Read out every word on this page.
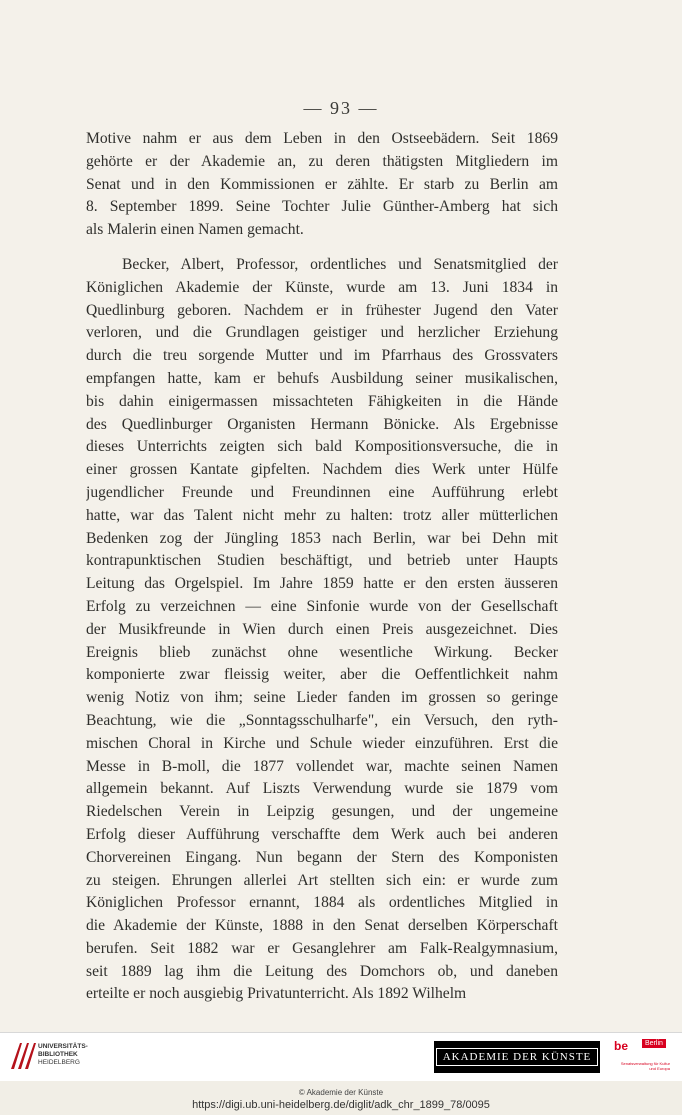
— 93 —
Motive nahm er aus dem Leben in den Ostseebädern. Seit 1869
gehörte er der Akademie an, zu deren thätigsten Mitgliedern im
Senat und in den Kommissionen er zählte. Er starb zu Berlin am
8. September 1899. Seine Tochter Julie Günther-Amberg hat sich
als Malerin einen Namen gemacht.
Becker, Albert, Professor, ordentliches und Senatsmitglied der
Königlichen Akademie der Künste, wurde am 13. Juni 1834 in
Quedlinburg geboren. Nachdem er in frühester Jugend den Vater
verloren, und die Grundlagen geistiger und herzlicher Erziehung
durch die treu sorgende Mutter und im Pfarrhaus des Grossvaters
empfangen hatte, kam er behufs Ausbildung seiner musikalischen,
bis dahin einigermassen missachteten Fähigkeiten in die Hände
des Quedlinburger Organisten Hermann Bönicke. Als Ergebnisse
dieses Unterrichts zeigten sich bald Kompositionsversuche, die in
einer grossen Kantate gipfelten. Nachdem dies Werk unter Hülfe
jugendlicher Freunde und Freundinnen eine Aufführung erlebt
hatte, war das Talent nicht mehr zu halten: trotz aller mütterlichen
Bedenken zog der Jüngling 1853 nach Berlin, war bei Dehn mit
kontrapunktischen Studien beschäftigt, und betrieb unter Haupts
Leitung das Orgelspiel. Im Jahre 1859 hatte er den ersten äusseren
Erfolg zu verzeichnen — eine Sinfonie wurde von der Gesellschaft
der Musikfreunde in Wien durch einen Preis ausgezeichnet. Dies
Ereignis blieb zunächst ohne wesentliche Wirkung. Becker
komponierte zwar fleissig weiter, aber die Oeffentlichkeit nahm
wenig Notiz von ihm; seine Lieder fanden im grossen so geringe
Beachtung, wie die „Sonntagsschulharfe", ein Versuch, den ryth-
mischen Choral in Kirche und Schule wieder einzuführen. Erst die
Messe in B-moll, die 1877 vollendet war, machte seinen Namen
allgemein bekannt. Auf Liszts Verwendung wurde sie 1879 vom
Riedelschen Verein in Leipzig gesungen, und der ungemeine
Erfolg dieser Aufführung verschaffte dem Werk auch bei anderen
Chorvereinen Eingang. Nun begann der Stern des Komponisten
zu steigen. Ehrungen allerlei Art stellten sich ein: er wurde zum
Königlichen Professor ernannt, 1884 als ordentliches Mitglied in
die Akademie der Künste, 1888 in den Senat derselben Körperschaft
berufen. Seit 1882 war er Gesanglehrer am Falk-Realgymnasium,
seit 1889 lag ihm die Leitung des Domchors ob, und daneben
erteilte er noch ausgiebig Privatunterricht. Als 1892 Wilhelm
UNIVERSITÄTS-
BIBLIOTHEK
HEIDELBERG	AKADEMIE DER KÜNSTE
be	Berlin
Senatsverwaltung für Kultur und Europa
© Akademie der Künste
https://digi.ub.uni-heidelberg.de/diglit/adk_chr_1899_78/0095
